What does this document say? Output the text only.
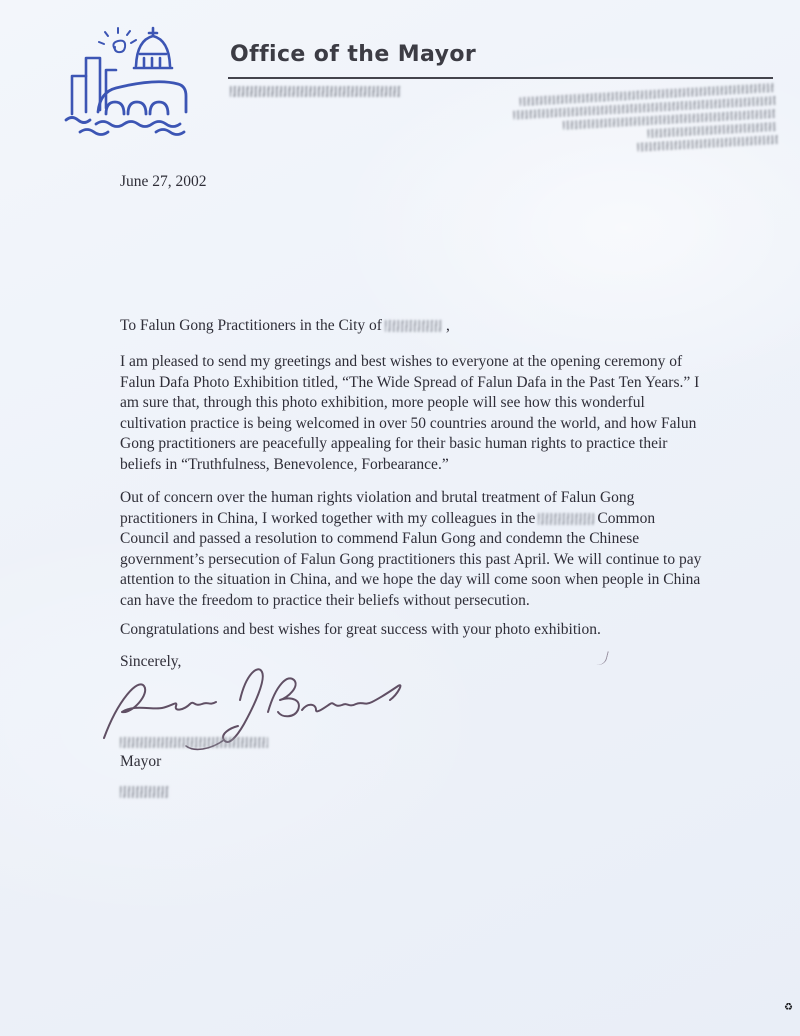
Office of the Mayor
June 27, 2002

To Falun Gong Practitioners in the City of	,

I am pleased to send my greetings and best wishes to everyone at the opening ceremony of Falun Dafa Photo Exhibition titled, “The Wide Spread of Falun Dafa in the Past Ten Years.” I am sure that, through this photo exhibition, more people will see how this wonderful cultivation practice is being welcomed in over 50 countries around the world, and how Falun Gong practitioners are peacefully appealing for their basic human rights to practice their beliefs in “Truthfulness, Benevolence, Forbearance.”

Out of concern over the human rights violation and brutal treatment of Falun Gong practitioners in China, I worked together with my colleagues in the	Common Council and passed a resolution to commend Falun Gong and condemn the Chinese government’s persecution of Falun Gong practitioners this past April. We will continue to pay attention to the situation in China, and we hope the day will come soon when people in China can have the freedom to practice their beliefs without persecution.

Congratulations and best wishes for great success with your photo exhibition.

Sincerely,

Mayor
♻
